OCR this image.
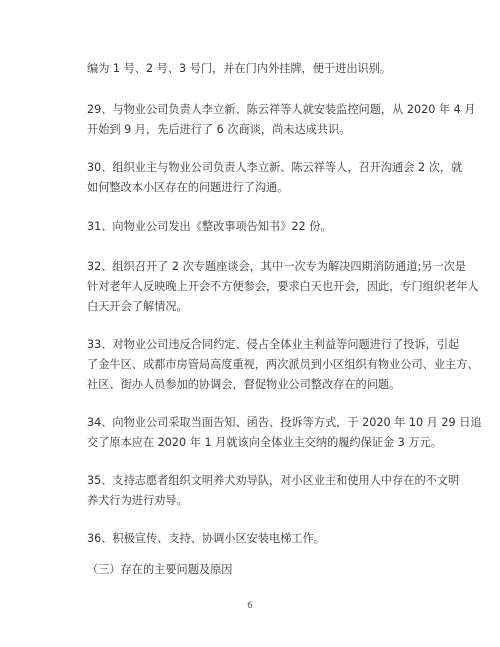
编为 1 号、2 号、3 号门，并在门内外挂牌，便于进出识别。

29、与物业公司负责人李立新、陈云祥等人就安装监控问题，从 2020 年 4 月
开始到 9 月，先后进行了 6 次商谈，尚未达成共识。

30、组织业主与物业公司负责人李立新、陈云祥等人，召开沟通会 2 次，就
如何整改本小区存在的问题进行了沟通。

31、向物业公司发出《整改事项告知书》22 份。

32、组织召开了 2 次专题座谈会，其中一次专为解决四期消防通道;另一次是
针对老年人反映晚上开会不方便参会，要求白天也开会，因此，专门组织老年人
白天开会了解情况。

33、对物业公司违反合同约定、侵占全体业主利益等问题进行了投诉，引起
了金牛区、成都市房管局高度重视，两次派员到小区组织有物业公司、业主方、
社区、街办人员参加的协调会，督促物业公司整改存在的问题。

34、向物业公司采取当面告知、函告、投诉等方式，于 2020 年 10 月 29 日追
交了原本应在 2020 年 1 月就该向全体业主交纳的履约保证金 3 万元。

35、支持志愿者组织文明养犬劝导队，对小区业主和使用人中存在的不文明
养犬行为进行劝导。

36、积极宣传、支持、协调小区安装电梯工作。

（三）存在的主要问题及原因

6
